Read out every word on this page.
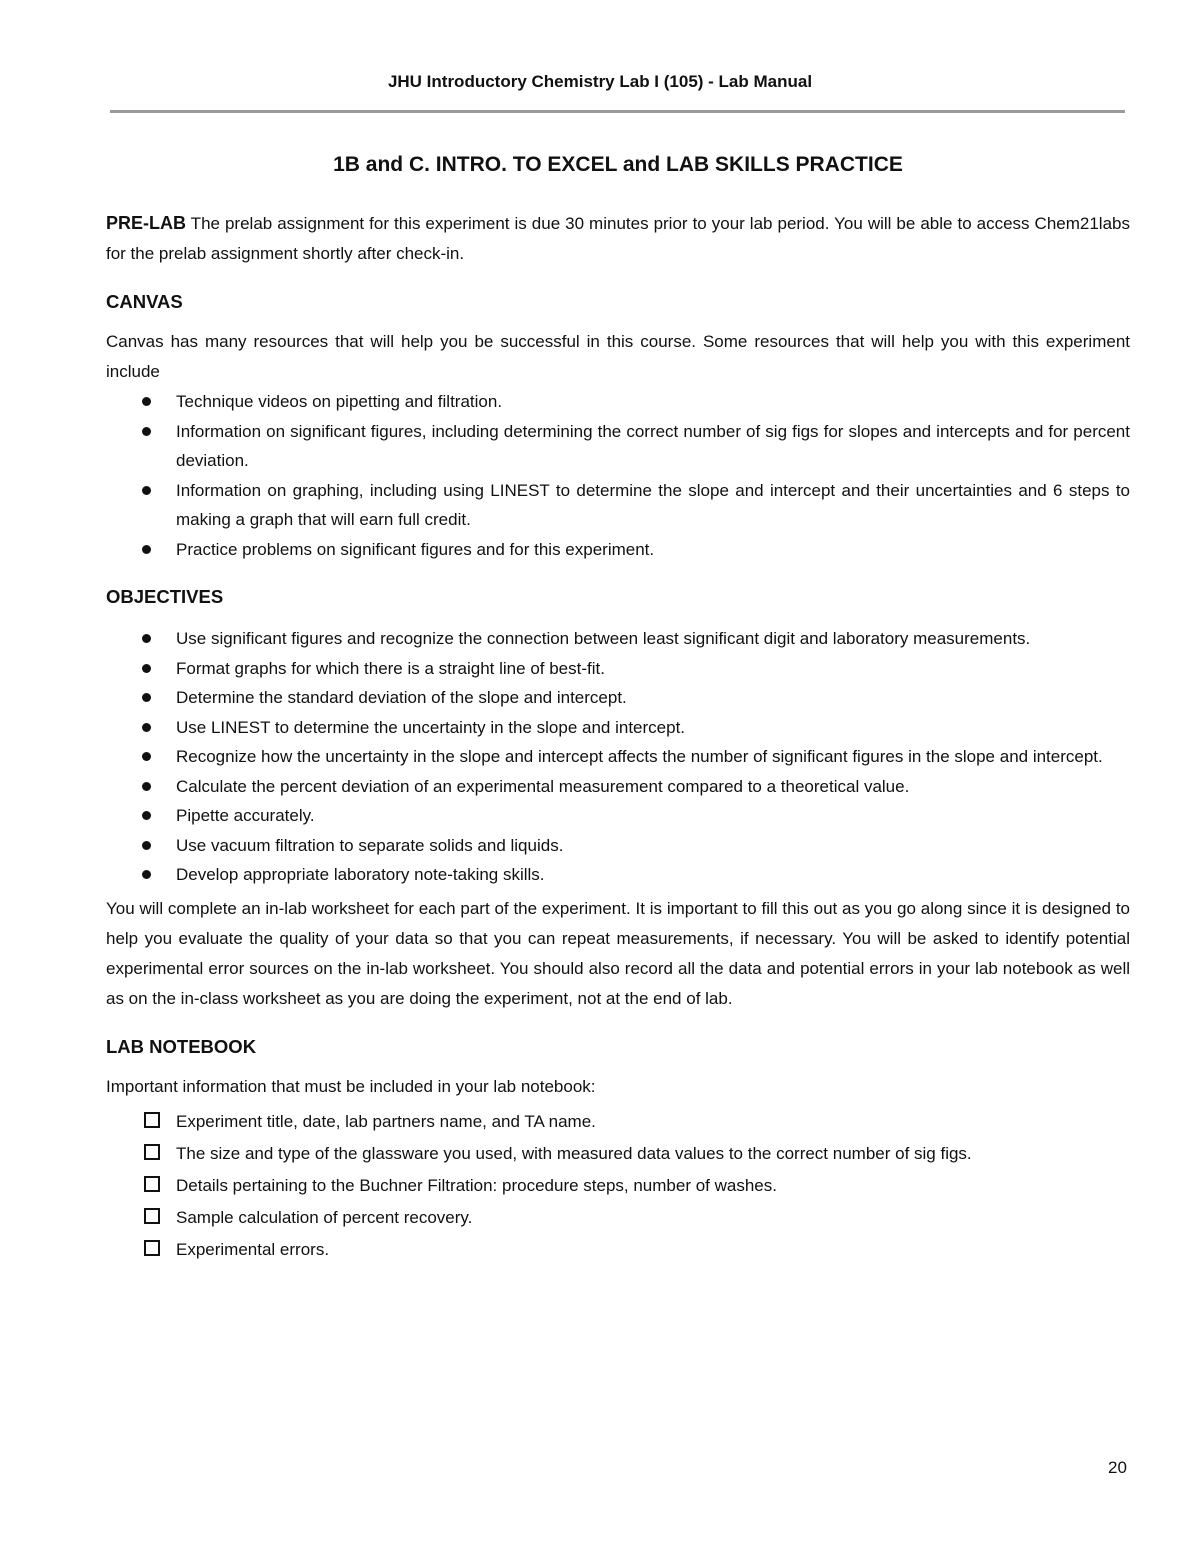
JHU Introductory Chemistry Lab I (105) - Lab Manual
1B and C. INTRO. TO EXCEL and LAB SKILLS PRACTICE

PRE-LAB The prelab assignment for this experiment is due 30 minutes prior to your lab period. You will be able to access Chem21labs for the prelab assignment shortly after check-in.

CANVAS

Canvas has many resources that will help you be successful in this course. Some resources that will help you with this experiment include

Technique videos on pipetting and filtration.
Information on significant figures, including determining the correct number of sig figs for slopes and intercepts and for percent deviation.
Information on graphing, including using LINEST to determine the slope and intercept and their uncertainties and 6 steps to making a graph that will earn full credit.
Practice problems on significant figures and for this experiment.
OBJECTIVES
Use significant figures and recognize the connection between least significant digit and laboratory measurements.
Format graphs for which there is a straight line of best-fit.
Determine the standard deviation of the slope and intercept.
Use LINEST to determine the uncertainty in the slope and intercept.
Recognize how the uncertainty in the slope and intercept affects the number of significant figures in the slope and intercept.
Calculate the percent deviation of an experimental measurement compared to a theoretical value.
Pipette accurately.
Use vacuum filtration to separate solids and liquids.
Develop appropriate laboratory note-taking skills.

You will complete an in-lab worksheet for each part of the experiment. It is important to fill this out as you go along since it is designed to help you evaluate the quality of your data so that you can repeat measurements, if necessary. You will be asked to identify potential experimental error sources on the in-lab worksheet. You should also record all the data and potential errors in your lab notebook as well as on the in-class worksheet as you are doing the experiment, not at the end of lab.

LAB NOTEBOOK

Important information that must be included in your lab notebook:

Experiment title, date, lab partners name, and TA name.
The size and type of the glassware you used, with measured data values to the correct number of sig figs.
Details pertaining to the Buchner Filtration: procedure steps, number of washes.
Sample calculation of percent recovery.
Experimental errors.
20
